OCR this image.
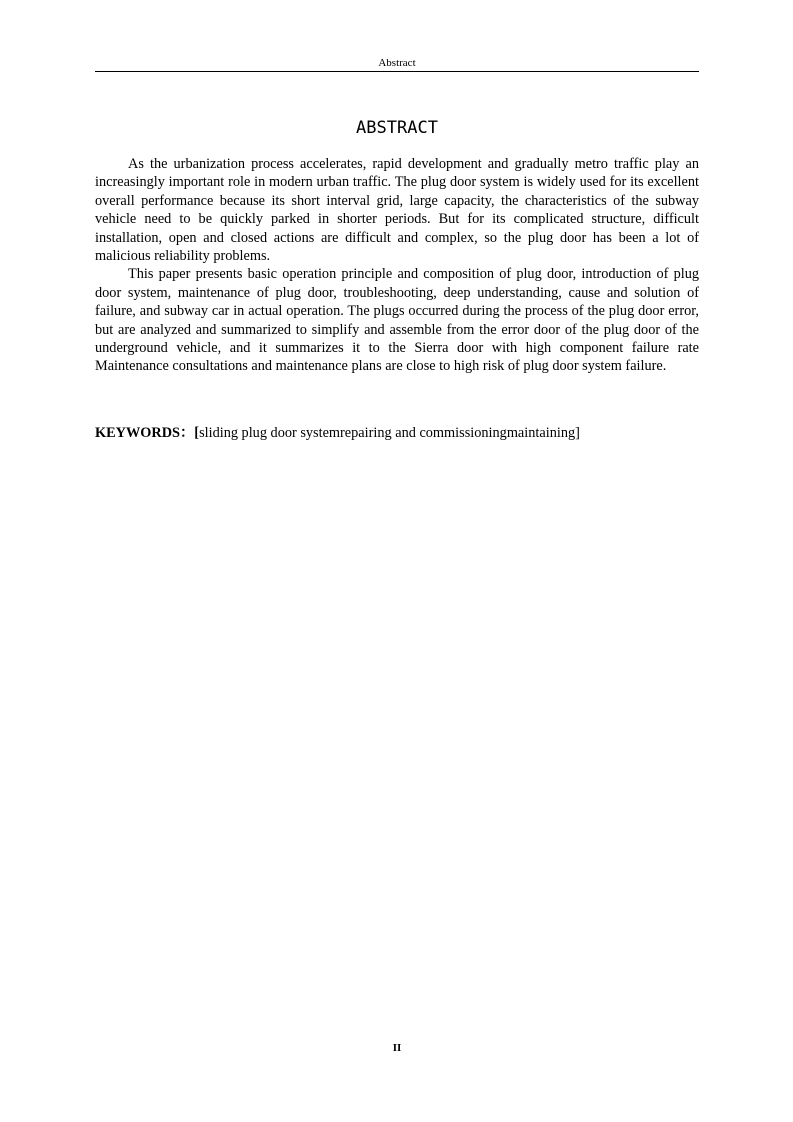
Abstract
ABSTRACT

As the urbanization process accelerates, rapid development and gradually metro traffic play an increasingly important role in modern urban traffic. The plug door system is widely used for its excellent overall performance because its short interval grid, large capacity, the characteristics of the subway vehicle need to be quickly parked in shorter periods. But for its complicated structure, difficult installation, open and closed actions are difficult and complex, so the plug door has been a lot of malicious reliability problems.

This paper presents basic operation principle and composition of plug door, introduction of plug door system, maintenance of plug door, troubleshooting, deep understanding, cause and solution of failure, and subway car in actual operation. The plugs occurred during the process of the plug door error, but are analyzed and summarized to simplify and assemble from the error door of the plug door of the underground vehicle, and it summarizes it to the Sierra door with high component failure rate Maintenance consultations and maintenance plans are close to high risk of plug door system failure.

KEYWORDS：[sliding plug door systemrepairing and commissioningmaintaining]
II
